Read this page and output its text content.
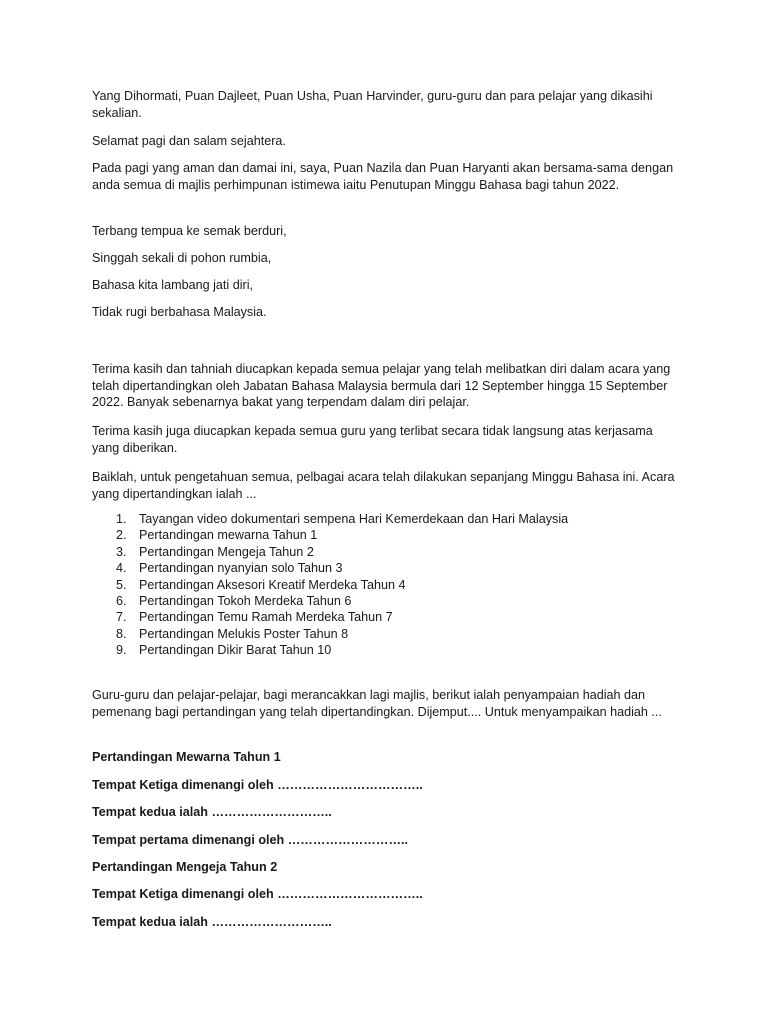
Yang Dihormati, Puan Dajleet, Puan Usha, Puan Harvinder, guru-guru dan para pelajar yang dikasihi sekalian.

Selamat pagi dan salam sejahtera.

Pada pagi yang aman dan damai ini, saya, Puan Nazila dan Puan Haryanti akan bersama-sama dengan anda semua di majlis perhimpunan istimewa iaitu Penutupan Minggu Bahasa bagi tahun 2022.

Terbang tempua ke semak berduri,

Singgah sekali di pohon rumbia,

Bahasa kita lambang jati diri,

Tidak rugi berbahasa Malaysia.

Terima kasih dan tahniah diucapkan kepada semua pelajar yang telah melibatkan diri dalam acara yang telah dipertandingkan oleh Jabatan Bahasa Malaysia bermula dari 12 September hingga 15 September 2022. Banyak sebenarnya bakat yang terpendam dalam diri pelajar.

Terima kasih juga diucapkan kepada semua guru yang terlibat secara tidak langsung atas kerjasama yang diberikan.

Baiklah, untuk pengetahuan semua, pelbagai acara telah dilakukan sepanjang Minggu Bahasa ini. Acara yang dipertandingkan ialah ...

1. Tayangan video dokumentari sempena Hari Kemerdekaan dan Hari Malaysia
2. Pertandingan mewarna Tahun 1
3. Pertandingan Mengeja Tahun 2
4. Pertandingan nyanyian solo Tahun 3
5. Pertandingan Aksesori Kreatif Merdeka Tahun 4
6. Pertandingan Tokoh Merdeka Tahun 6
7. Pertandingan Temu Ramah Merdeka Tahun 7
8. Pertandingan Melukis Poster Tahun 8
9. Pertandingan Dikir Barat Tahun 10

Guru-guru dan pelajar-pelajar, bagi merancakkan lagi majlis, berikut ialah penyampaian hadiah dan pemenang bagi pertandingan yang telah dipertandingkan. Dijemput.... Untuk menyampaikan hadiah ...

Pertandingan Mewarna Tahun 1

Tempat Ketiga dimenangi oleh ……………………………..

Tempat kedua ialah ………………………..

Tempat pertama dimenangi oleh ………………………..

Pertandingan Mengeja Tahun 2

Tempat Ketiga dimenangi oleh ……………………………..

Tempat kedua ialah ………………………..
